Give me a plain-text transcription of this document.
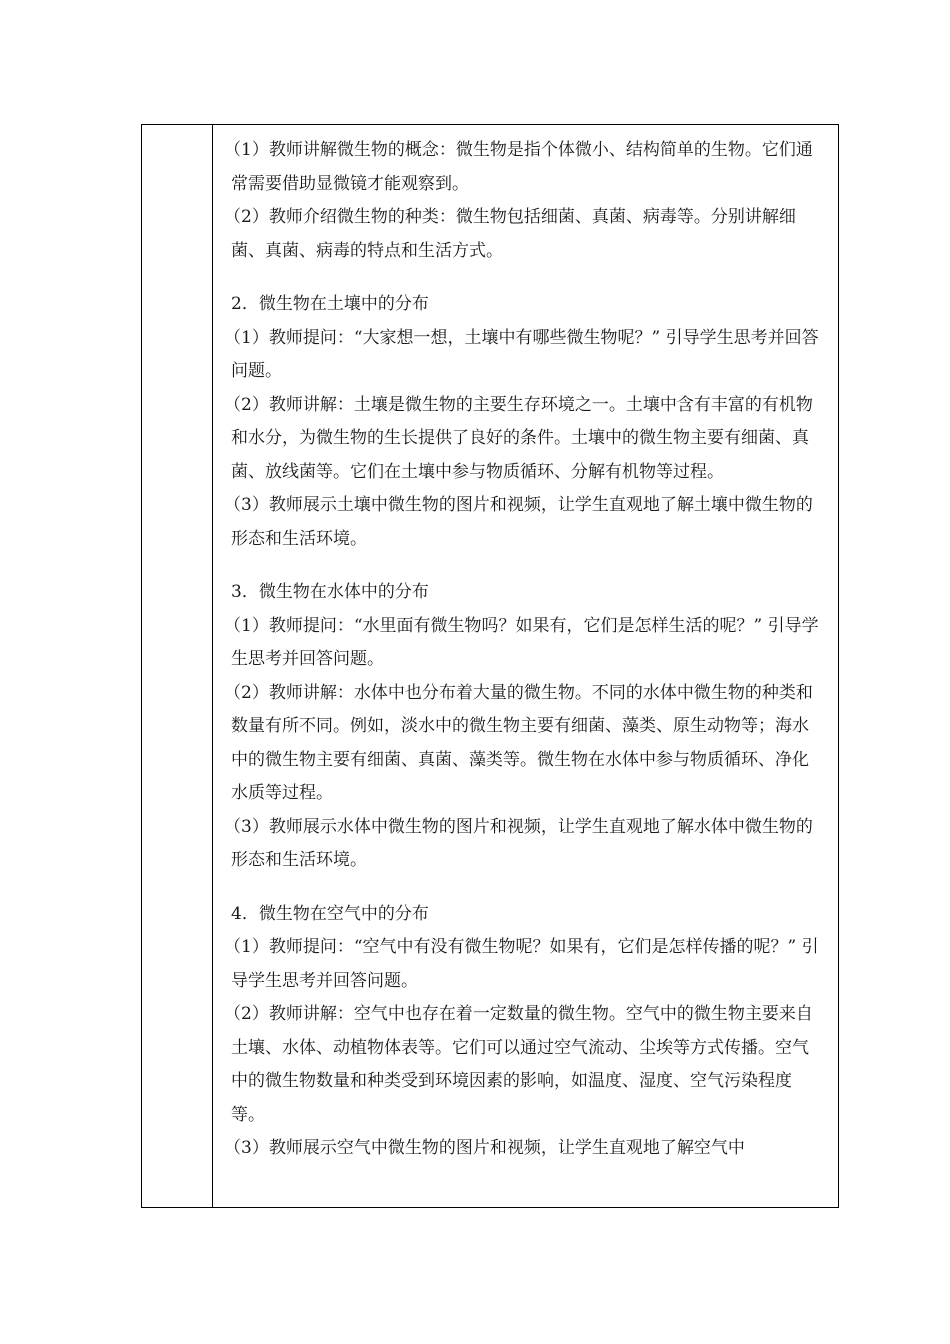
（1）教师讲解微生物的概念：微生物是指个体微小、结构简单的生物。它们通常需要借助显微镜才能观察到。

（2）教师介绍微生物的种类：微生物包括细菌、真菌、病毒等。分别讲解细菌、真菌、病毒的特点和生活方式。

2．微生物在土壤中的分布

（1）教师提问：“大家想一想，土壤中有哪些微生物呢？” 引导学生思考并回答问题。

（2）教师讲解：土壤是微生物的主要生存环境之一。土壤中含有丰富的有机物和水分，为微生物的生长提供了良好的条件。土壤中的微生物主要有细菌、真菌、放线菌等。它们在土壤中参与物质循环、分解有机物等过程。

（3）教师展示土壤中微生物的图片和视频，让学生直观地了解土壤中微生物的形态和生活环境。

3．微生物在水体中的分布

（1）教师提问：“水里面有微生物吗？如果有，它们是怎样生活的呢？” 引导学生思考并回答问题。

（2）教师讲解：水体中也分布着大量的微生物。不同的水体中微生物的种类和数量有所不同。例如，淡水中的微生物主要有细菌、藻类、原生动物等；海水中的微生物主要有细菌、真菌、藻类等。微生物在水体中参与物质循环、净化水质等过程。

（3）教师展示水体中微生物的图片和视频，让学生直观地了解水体中微生物的形态和生活环境。

4．微生物在空气中的分布

（1）教师提问：“空气中有没有微生物呢？如果有，它们是怎样传播的呢？” 引导学生思考并回答问题。

（2）教师讲解：空气中也存在着一定数量的微生物。空气中的微生物主要来自土壤、水体、动植物体表等。它们可以通过空气流动、尘埃等方式传播。空气中的微生物数量和种类受到环境因素的影响，如温度、湿度、空气污染程度等。

（3）教师展示空气中微生物的图片和视频，让学生直观地了解空气中
